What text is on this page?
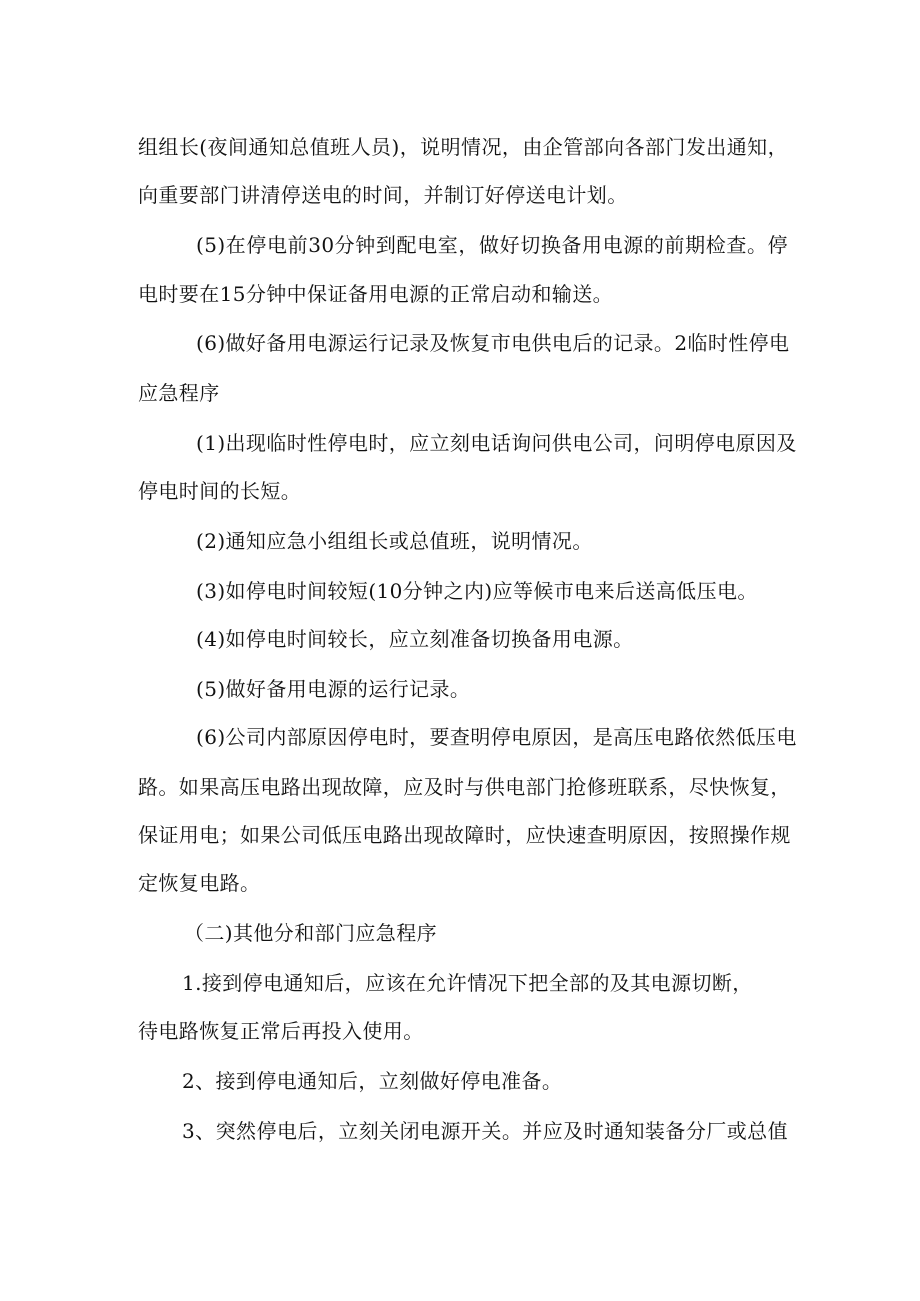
组组长(夜间通知总值班人员)，说明情况，由企管部向各部门发出通知，
向重要部门讲清停送电的时间，并制订好停送电计划。
(5)在停电前30分钟到配电室，做好切换备用电源的前期检查。停
电时要在15分钟中保证备用电源的正常启动和输送。
(6)做好备用电源运行记录及恢复市电供电后的记录。2临时性停电
应急程序
(1)出现临时性停电时，应立刻电话询问供电公司，问明停电原因及
停电时间的长短。
(2)通知应急小组组长或总值班，说明情况。
(3)如停电时间较短(10分钟之内)应等候市电来后送高低压电。
(4)如停电时间较长，应立刻准备切换备用电源。
(5)做好备用电源的运行记录。
(6)公司内部原因停电时，要查明停电原因，是高压电路依然低压电
路。如果高压电路出现故障，应及时与供电部门抢修班联系，尽快恢复，
保证用电；如果公司低压电路出现故障时，应快速查明原因，按照操作规
定恢复电路。
（二)其他分和部门应急程序
1.接到停电通知后，应该在允许情况下把全部的及其电源切断，
待电路恢复正常后再投入使用。
2、接到停电通知后，立刻做好停电准备。
3、突然停电后，立刻关闭电源开关。并应及时通知装备分厂或总值
